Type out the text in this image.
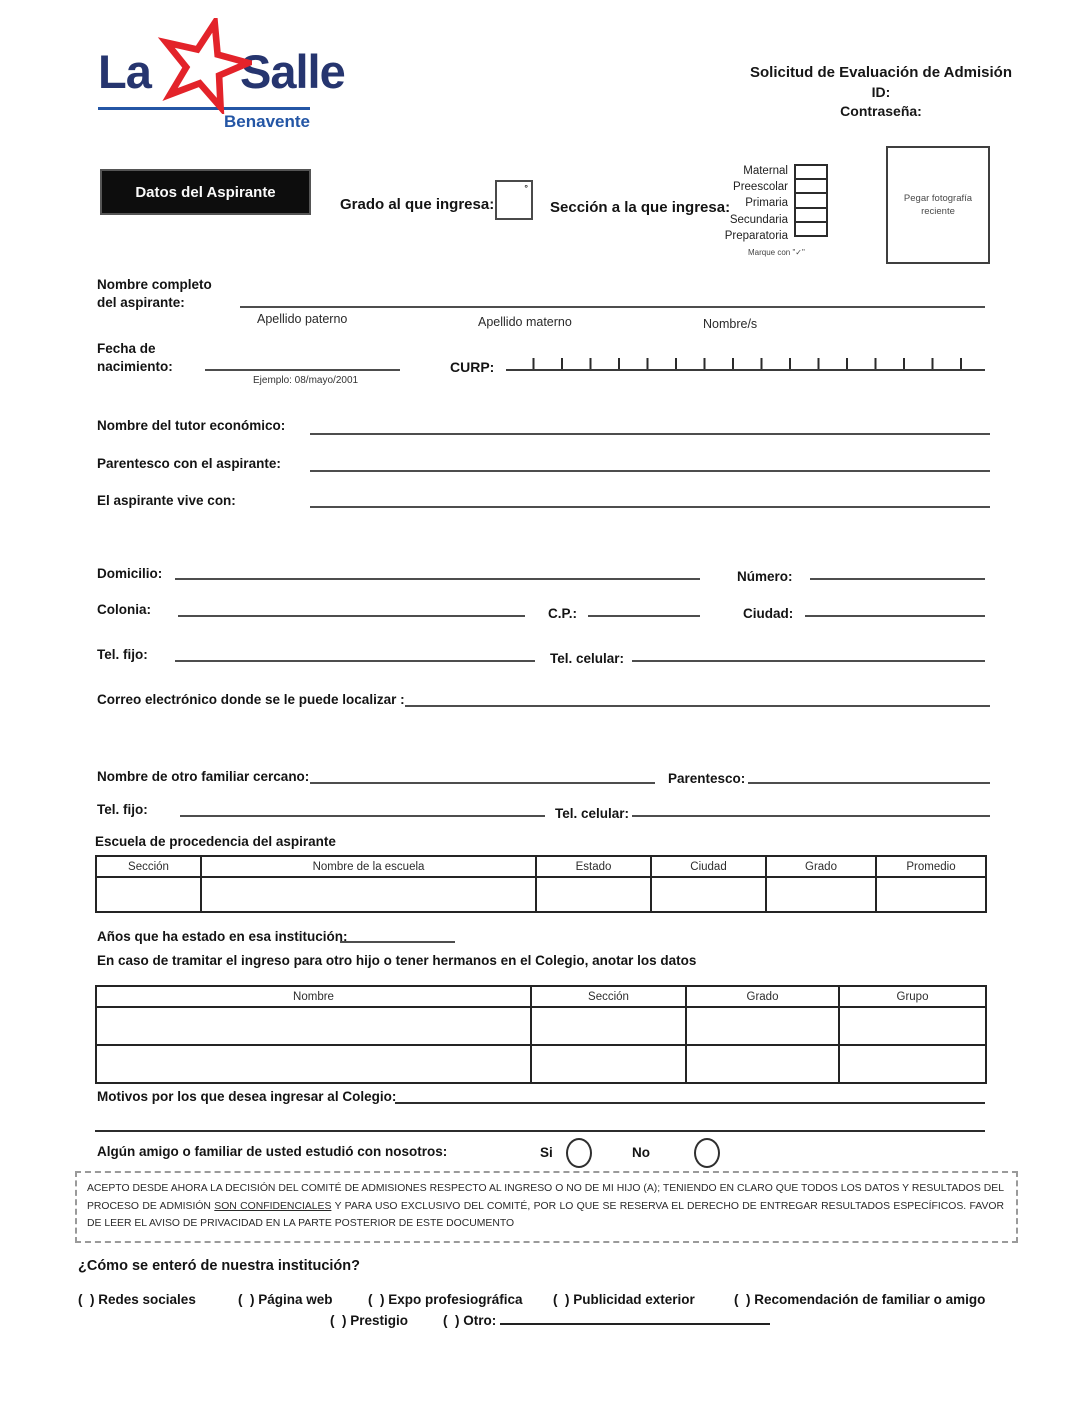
La Salle
Benavente
Solicitud de Evaluación de Admisión
ID:
Contraseña:
Datos del Aspirante
Grado al que ingresa:
°
Sección a la que ingresa:
Maternal
Preescolar
Primaria
Secundaria
Preparatoria
Marque con "✓"
Pegar fotografía reciente
Nombre completo
del aspirante:
Apellido paterno	Apellido materno	Nombre/s
Fecha de
nacimiento:
Ejemplo: 08/mayo/2001
CURP:
Nombre del tutor económico:
Parentesco con el aspirante:
El aspirante vive con:
Domicilio:	Número:
Colonia:	C.P.:	Ciudad:
Tel. fijo:	Tel. celular:
Correo electrónico donde se le puede localizar :
Nombre de otro familiar cercano:	Parentesco:
Tel. fijo:	Tel. celular:
Escuela de procedencia del aspirante
Sección	Nombre de la escuela	Estado	Ciudad	Grado	Promedio

Años que ha estado en esa institución:
En caso de tramitar el ingreso para otro hijo o tener hermanos en el Colegio, anotar los datos
Nombre	Sección	Grado	Grupo

Motivos por los que desea ingresar al Colegio:
Algún amigo o familiar de usted estudió con nosotros:	Si	No
ACEPTO DESDE AHORA LA DECISIÓN DEL COMITÉ DE ADMISIONES RESPECTO AL INGRESO O NO DE MI HIJO (A); TENIENDO EN CLARO QUE TODOS LOS DATOS Y RESULTADOS DEL PROCESO DE ADMISIÓN SON CONFIDENCIALES Y PARA USO EXCLUSIVO DEL COMITÉ, POR LO QUE SE RESERVA EL DERECHO DE ENTREGAR RESULTADOS ESPECÍFICOS. FAVOR DE LEER EL AVISO DE PRIVACIDAD EN LA PARTE POSTERIOR DE ESTE DOCUMENTO
¿Cómo se enteró de nuestra institución?
(  ) Redes sociales	(  ) Página web	(  ) Expo profesiográfica (  ) Publicidad exterior	(  ) Recomendación de familiar o amigo
(  ) Prestigio	(  ) Otro:
